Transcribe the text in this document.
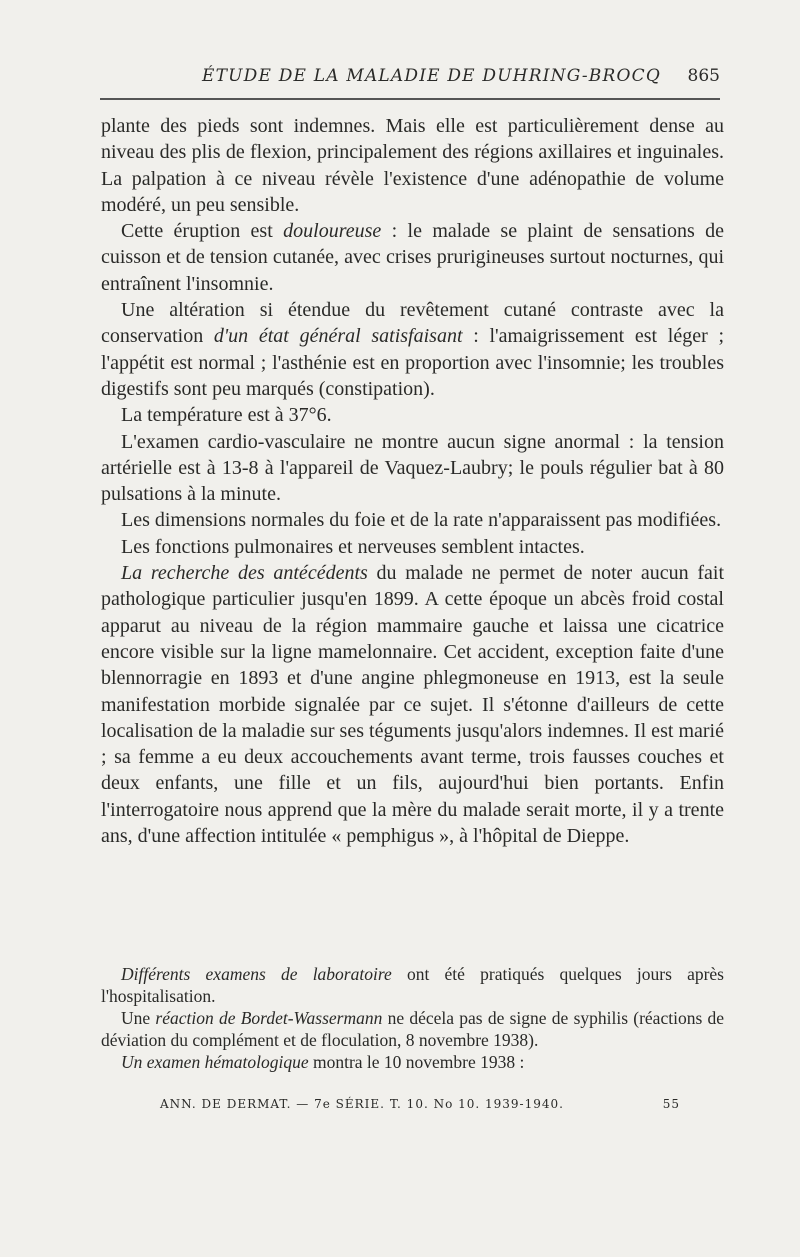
ÉTUDE DE LA MALADIE DE DUHRING-BROCQ 865

plante des pieds sont indemnes. Mais elle est particulièrement dense au niveau des plis de flexion, principalement des régions axillaires et inguinales. La palpation à ce niveau révèle l'existence d'une adénopathie de volume modéré, un peu sensible.

Cette éruption est douloureuse : le malade se plaint de sensations de cuisson et de tension cutanée, avec crises prurigineuses surtout nocturnes, qui entraînent l'insomnie.

Une altération si étendue du revêtement cutané contraste avec la conservation d'un état général satisfaisant : l'amaigrissement est léger ; l'appétit est normal ; l'asthénie est en proportion avec l'insomnie; les troubles digestifs sont peu marqués (constipation).

La température est à 37°6.

L'examen cardio-vasculaire ne montre aucun signe anormal : la tension artérielle est à 13-8 à l'appareil de Vaquez-Laubry; le pouls régulier bat à 80 pulsations à la minute.

Les dimensions normales du foie et de la rate n'apparaissent pas modifiées.

Les fonctions pulmonaires et nerveuses semblent intactes.

La recherche des antécédents du malade ne permet de noter aucun fait pathologique particulier jusqu'en 1899. A cette époque un abcès froid costal apparut au niveau de la région mammaire gauche et laissa une cicatrice encore visible sur la ligne mamelonnaire. Cet accident, exception faite d'une blennorragie en 1893 et d'une angine phlegmoneuse en 1913, est la seule manifestation morbide signalée par ce sujet. Il s'étonne d'ailleurs de cette localisation de la maladie sur ses téguments jusqu'alors indemnes. Il est marié ; sa femme a eu deux accouchements avant terme, trois fausses couches et deux enfants, une fille et un fils, aujourd'hui bien portants. Enfin l'interrogatoire nous apprend que la mère du malade serait morte, il y a trente ans, d'une affection intitulée « pemphigus », à l'hôpital de Dieppe.

Différents examens de laboratoire ont été pratiqués quelques jours après l'hospitalisation.

Une réaction de Bordet-Wassermann ne décela pas de signe de syphilis (réactions de déviation du complément et de floculation, 8 novembre 1938).

Un examen hématologique montra le 10 novembre 1938 :

ANN. DE DERMAT. — 7e SÉRIE. T. 10. No 10. 1939-1940.	55
